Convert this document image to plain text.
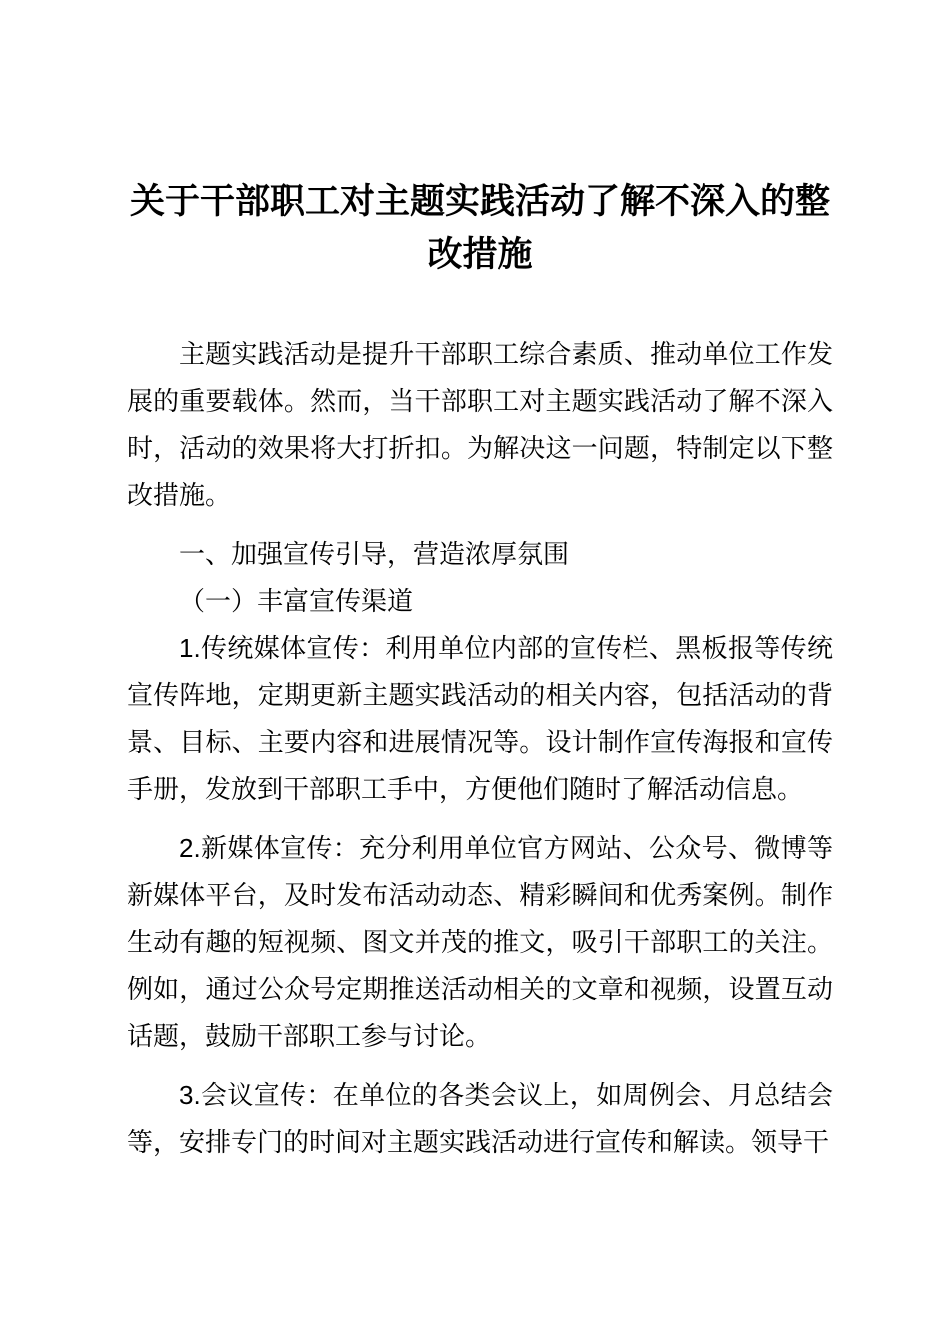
关于干部职工对主题实践活动了解不深入的整改措施

主题实践活动是提升干部职工综合素质、推动单位工作发展的重要载体。然而，当干部职工对主题实践活动了解不深入时，活动的效果将大打折扣。为解决这一问题，特制定以下整改措施。

一、加强宣传引导，营造浓厚氛围
（一）丰富宣传渠道

1.传统媒体宣传：利用单位内部的宣传栏、黑板报等传统宣传阵地，定期更新主题实践活动的相关内容，包括活动的背景、目标、主要内容和进展情况等。设计制作宣传海报和宣传手册，发放到干部职工手中，方便他们随时了解活动信息。

2.新媒体宣传：充分利用单位官方网站、公众号、微博等新媒体平台，及时发布活动动态、精彩瞬间和优秀案例。制作生动有趣的短视频、图文并茂的推文，吸引干部职工的关注。例如，通过公众号定期推送活动相关的文章和视频，设置互动话题，鼓励干部职工参与讨论。

3.会议宣传：在单位的各类会议上，如周例会、月总结会等，安排专门的时间对主题实践活动进行宣传和解读。领导干
